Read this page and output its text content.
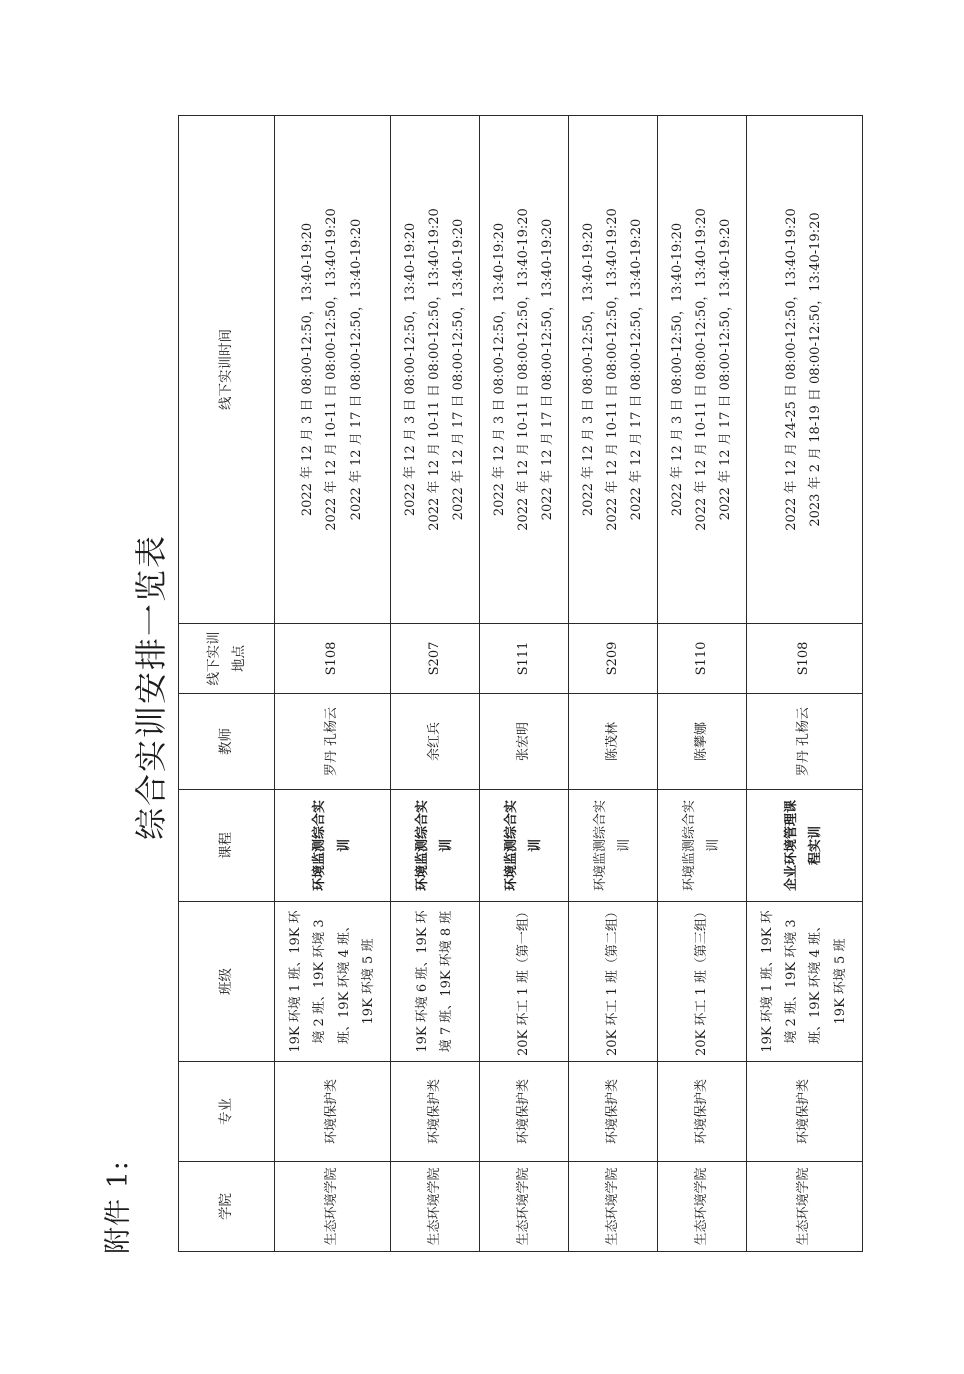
附件 1:
综合实训安排一览表
学院	专业	班级	课程	教师	线下实训地点	线下实训时间
生态环境学院	环境保护类	19K 环境 1 班、19K 环境 2 班、19K 环境 3 班、19K 环境 4 班、19K 环境 5 班	环境监测综合实训	罗丹 孔杨云	S108	2022 年 12 月 3 日 08:00-12:50，13:40-19:20 2022 年 12 月 10-11 日 08:00-12:50，13:40-19:20 2022 年 12 月 17 日 08:00-12:50，13:40-19:20

生态环境学院	环境保护类	19K 环境 6 班、19K 环境 7 班、19K 环境 8 班	环境监测综合实训	余红兵	S207	2022 年 12 月 3 日 08:00-12:50，13:40-19:20 2022 年 12 月 10-11 日 08:00-12:50，13:40-19:20 2022 年 12 月 17 日 08:00-12:50，13:40-19:20

生态环境学院	环境保护类	20K 环工 1 班（第一组）	环境监测综合实训	张宏明	S111	2022 年 12 月 3 日 08:00-12:50，13:40-19:20 2022 年 12 月 10-11 日 08:00-12:50，13:40-19:20 2022 年 12 月 17 日 08:00-12:50，13:40-19:20

生态环境学院	环境保护类	20K 环工 1 班（第二组）	环境监测综合实训	陈茂林	S209	2022 年 12 月 3 日 08:00-12:50，13:40-19:20 2022 年 12 月 10-11 日 08:00-12:50，13:40-19:20 2022 年 12 月 17 日 08:00-12:50，13:40-19:20

生态环境学院	环境保护类	20K 环工 1 班（第三组）	环境监测综合实训	陈攀娜	S110	2022 年 12 月 3 日 08:00-12:50，13:40-19:20 2022 年 12 月 10-11 日 08:00-12:50，13:40-19:20 2022 年 12 月 17 日 08:00-12:50，13:40-19:20

生态环境学院	环境保护类	19K 环境 1 班、19K 环境 2 班、19K 环境 3 班、19K 环境 4 班、19K 环境 5 班	企业环境管理课程实训	罗丹 孔杨云	S108	2022 年 12 月 24-25 日 08:00-12:50，13:40-19:20 2023 年 2 月 18-19 日 08:00-12:50，13:40-19:20
